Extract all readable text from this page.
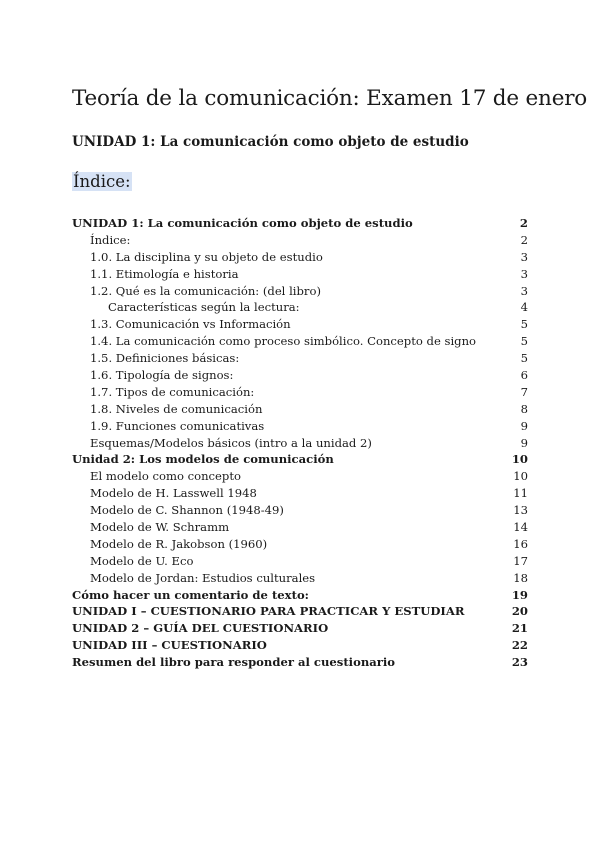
Teoría de la comunicación: Examen 17 de enero
UNIDAD 1: La comunicación como objeto de estudio
Índice:
UNIDAD 1: La comunicación como objeto de estudio	2
Índice:	2
1.0. La disciplina y su objeto de estudio	3
1.1. Etimología e historia	3
1.2. Qué es la comunicación: (del libro)	3
Características según la lectura:	4
1.3. Comunicación vs Información	5
1.4. La comunicación como proceso simbólico. Concepto de signo	5
1.5. Definiciones básicas:	5
1.6. Tipología de signos:	6
1.7. Tipos de comunicación:	7
1.8. Niveles de comunicación	8
1.9. Funciones comunicativas	9
Esquemas/Modelos básicos (intro a la unidad 2)	9
Unidad 2: Los modelos de comunicación	10
El modelo como concepto	10
Modelo de H. Lasswell 1948	11
Modelo de C. Shannon (1948-49)	13
Modelo de W. Schramm	14
Modelo de R. Jakobson (1960)	16
Modelo de U. Eco	17
Modelo de Jordan: Estudios culturales	18
Cómo hacer un comentario de texto:	19
UNIDAD I – CUESTIONARIO PARA PRACTICAR Y ESTUDIAR	20
UNIDAD 2 – GUÍA DEL CUESTIONARIO	21
UNIDAD III – CUESTIONARIO	22
Resumen del libro para responder al cuestionario	23
